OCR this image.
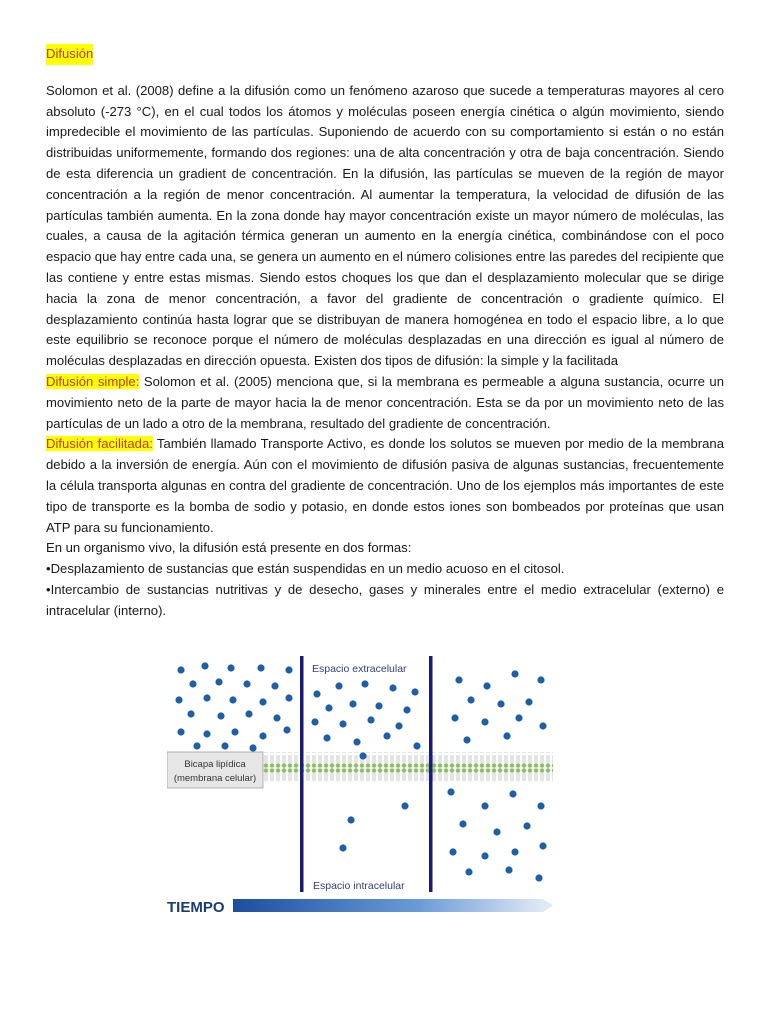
Difusión

Solomon et al. (2008) define a la difusión como un fenómeno azaroso que sucede a temperaturas mayores al cero absoluto (-273 °C), en el cual todos los átomos y moléculas poseen energía cinética o algún movimiento, siendo impredecible el movimiento de las partículas. Suponiendo de acuerdo con su comportamiento si están o no están distribuidas uniformemente, formando dos regiones: una de alta concentración y otra de baja concentración. Siendo de esta diferencia un gradient de concentración. En la difusión, las partículas se mueven de la región de mayor concentración a la región de menor concentración. Al aumentar la temperatura, la velocidad de difusión de las partículas también aumenta. En la zona donde hay mayor concentración existe un mayor número de moléculas, las cuales, a causa de la agitación térmica generan un aumento en la energía cinética, combinándose con el poco espacio que hay entre cada una, se genera un aumento en el número colisiones entre las paredes del recipiente que las contiene y entre estas mismas. Siendo estos choques los que dan el desplazamiento molecular que se dirige hacia la zona de menor concentración, a favor del gradiente de concentración o gradiente químico. El desplazamiento continúa hasta lograr que se distribuyan de manera homogénea en todo el espacio libre, a lo que este equilibrio se reconoce porque el número de moléculas desplazadas en una dirección es igual al número de moléculas desplazadas en dirección opuesta. Existen dos tipos de difusión: la simple y la facilitada

Difusión simple: Solomon et al. (2005) menciona que, si la membrana es permeable a alguna sustancia, ocurre un movimiento neto de la parte de mayor hacia la de menor concentración. Esta se da por un movimiento neto de las partículas de un lado a otro de la membrana, resultado del gradiente de concentración.

Difusión facilitada: También llamado Transporte Activo, es donde los solutos se mueven por medio de la membrana debido a la inversión de energía. Aún con el movimiento de difusión pasiva de algunas sustancias, frecuentemente la célula transporta algunas en contra del gradiente de concentración. Uno de los ejemplos más importantes de este tipo de transporte es la bomba de sodio y potasio, en donde estos iones son bombeados por proteínas que usan ATP para su funcionamiento.

En un organismo vivo, la difusión está presente en dos formas:

•Desplazamiento de sustancias que están suspendidas en un medio acuoso en el citosol.

•Intercambio de sustancias nutritivas y de desecho, gases y minerales entre el medio extracelular (externo) e intracelular (interno).

Bicapa lipídica
(membrana celular)
Espacio extracelular
Espacio intracelular
TIEMPO
